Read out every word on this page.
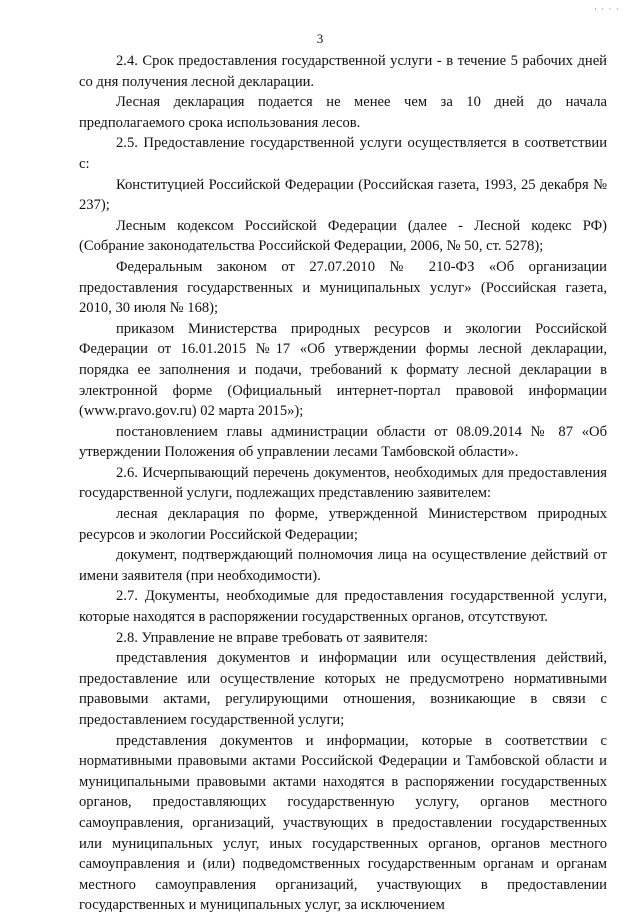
· · · ·
3

2.4. Срок предоставления государственной услуги - в течение 5 рабочих дней со дня получения лесной декларации.

Лесная декларация подается не менее чем за 10 дней до начала предполагаемого срока использования лесов.

2.5. Предоставление государственной услуги осуществляется в соответствии с:

Конституцией Российской Федерации (Российская газета, 1993, 25 декабря № 237);

Лесным кодексом Российской Федерации (далее - Лесной кодекс РФ) (Собрание законодательства Российской Федерации, 2006, № 50, ст. 5278);

Федеральным законом от 27.07.2010 № 210-ФЗ «Об организации предоставления государственных и муниципальных услуг» (Российская газета, 2010, 30 июля № 168);

приказом Министерства природных ресурсов и экологии Российской Федерации от 16.01.2015 №17 «Об утверждении формы лесной декларации, порядка ее заполнения и подачи, требований к формату лесной декларации в электронной форме (Официальный интернет-портал правовой информации (www.pravo.gov.ru) 02 марта 2015»);

постановлением главы администрации области от 08.09.2014 № 87 «Об утверждении Положения об управлении лесами Тамбовской области».

2.6. Исчерпывающий перечень документов, необходимых для предоставления государственной услуги, подлежащих представлению заявителем:

лесная декларация по форме, утвержденной Министерством природных ресурсов и экологии Российской Федерации;

документ, подтверждающий полномочия лица на осуществление действий от имени заявителя (при необходимости).

2.7. Документы, необходимые для предоставления государственной услуги, которые находятся в распоряжении государственных органов, отсутствуют.

2.8. Управление не вправе требовать от заявителя:

представления документов и информации или осуществления действий, предоставление или осуществление которых не предусмотрено нормативными правовыми актами, регулирующими отношения, возникающие в связи с предоставлением государственной услуги;

представления документов и информации, которые в соответствии с нормативными правовыми актами Российской Федерации и Тамбовской области и муниципальными правовыми актами находятся в распоряжении государственных органов, предоставляющих государственную услугу, органов местного самоуправления, организаций, участвующих в предоставлении государственных или муниципальных услуг, иных государственных органов, органов местного самоуправления и (или) подведомственных государственным органам и органам местного самоуправления организаций, участвующих в предоставлении государственных и муниципальных услуг, за исключением
